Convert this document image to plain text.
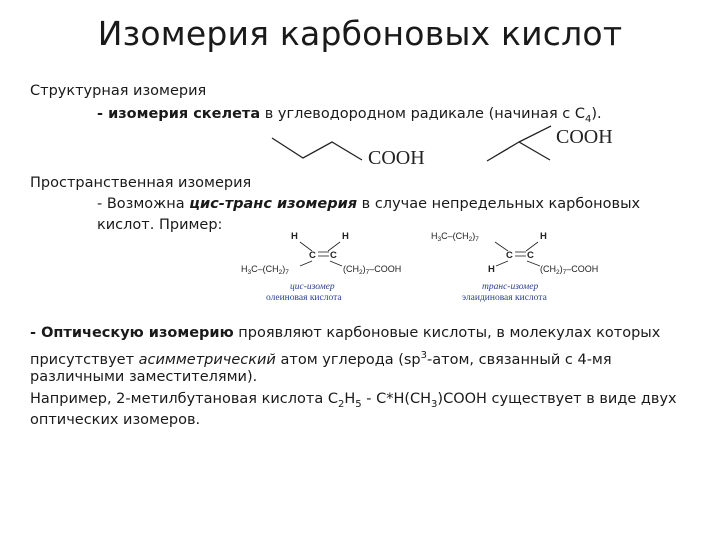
Изомерия карбоновых кислот
Структурная изомерия
- изомерия скелета в углеводородном радикале (начиная с $С_4$).
COOH
COOH
Пространственная изомерия
- Возможна цис-транс изомерия в случае непредельных карбоновых
кислот. Пример:
H	H
C C
$H_3C-(CH_2)_7$	$(CH_2)_7$–COOH
цис-изомер
олеиновая кислота
$H_3C-(CH_2)_7$	H
C C
H	$(CH_2)_7$–COOH
транс-изомер
элаидиновая кислота
- Оптическую изомерию проявляют карбоновые кислоты, в молекулах которых
присутствует асимметрический атом углерода ($sp^3$-атом, связанный с 4-мя
различными заместителями).
Например, 2-метилбутановая кислота $С_2Н_5$ - $С*Н(СН_3)СООН$ существует в виде двух
оптических изомеров.
